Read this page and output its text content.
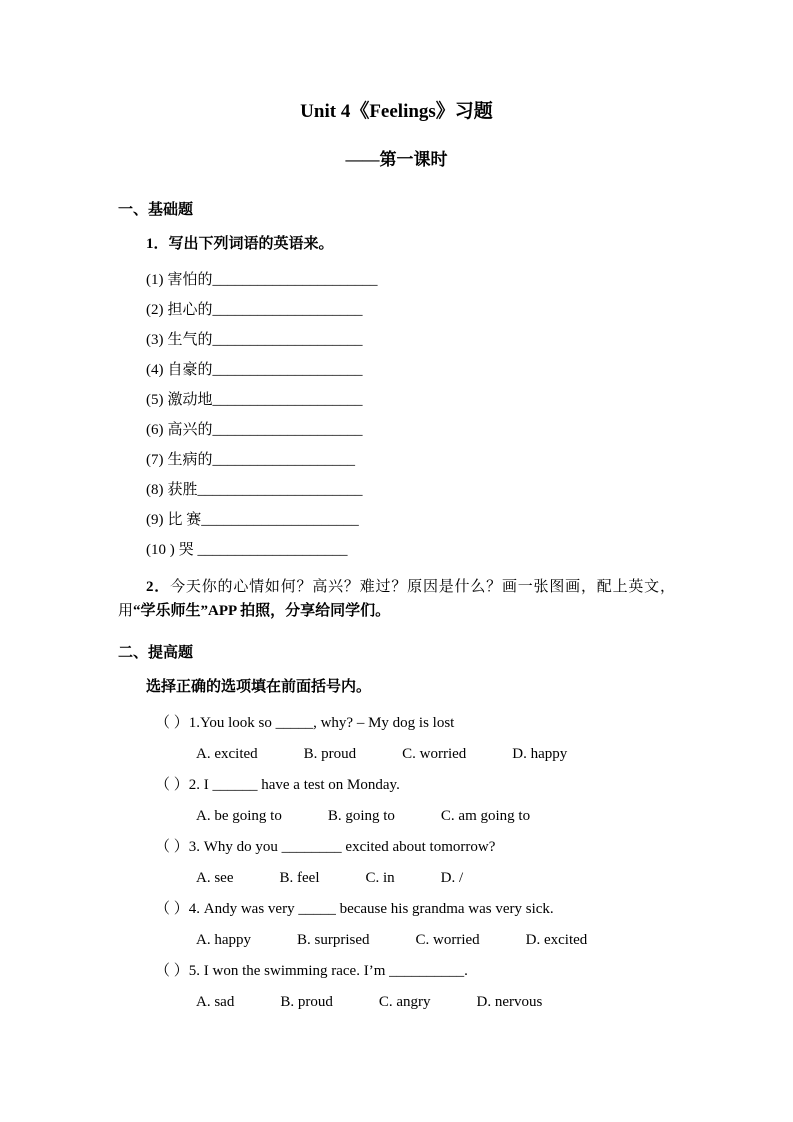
Unit 4《Feelings》习题
——第一课时
一、基础题
1．写出下列词语的英语来。
(1) 害怕的______________________
(2) 担心的____________________
(3) 生气的____________________
(4) 自豪的____________________
(5) 激动地____________________
(6) 高兴的____________________
(7) 生病的___________________
(8) 获胜______________________
(9) 比 赛_____________________
(10 ) 哭 ____________________

2．今天你的心情如何？高兴？难过？原因是什么？画一张图画，配上英文，用“学乐师生”APP 拍照，分享给同学们。

二、提高题
选择正确的选项填在前面括号内。
（ ）1.You look so _____, why? – My dog is lost
A. excited	B. proud	C. worried	D. happy
（ ）2. I ______ have a test on Monday.
A. be going to	B. going to	C. am going to
（ ）3. Why do you ________ excited about tomorrow?
A. see	B. feel	C. in	D. /
（ ）4. Andy was very _____ because his grandma was very sick.
A. happy	B. surprised	C. worried	D. excited
（ ）5. I won the swimming race. I’m __________.
A. sad	B. proud	C. angry	D. nervous
